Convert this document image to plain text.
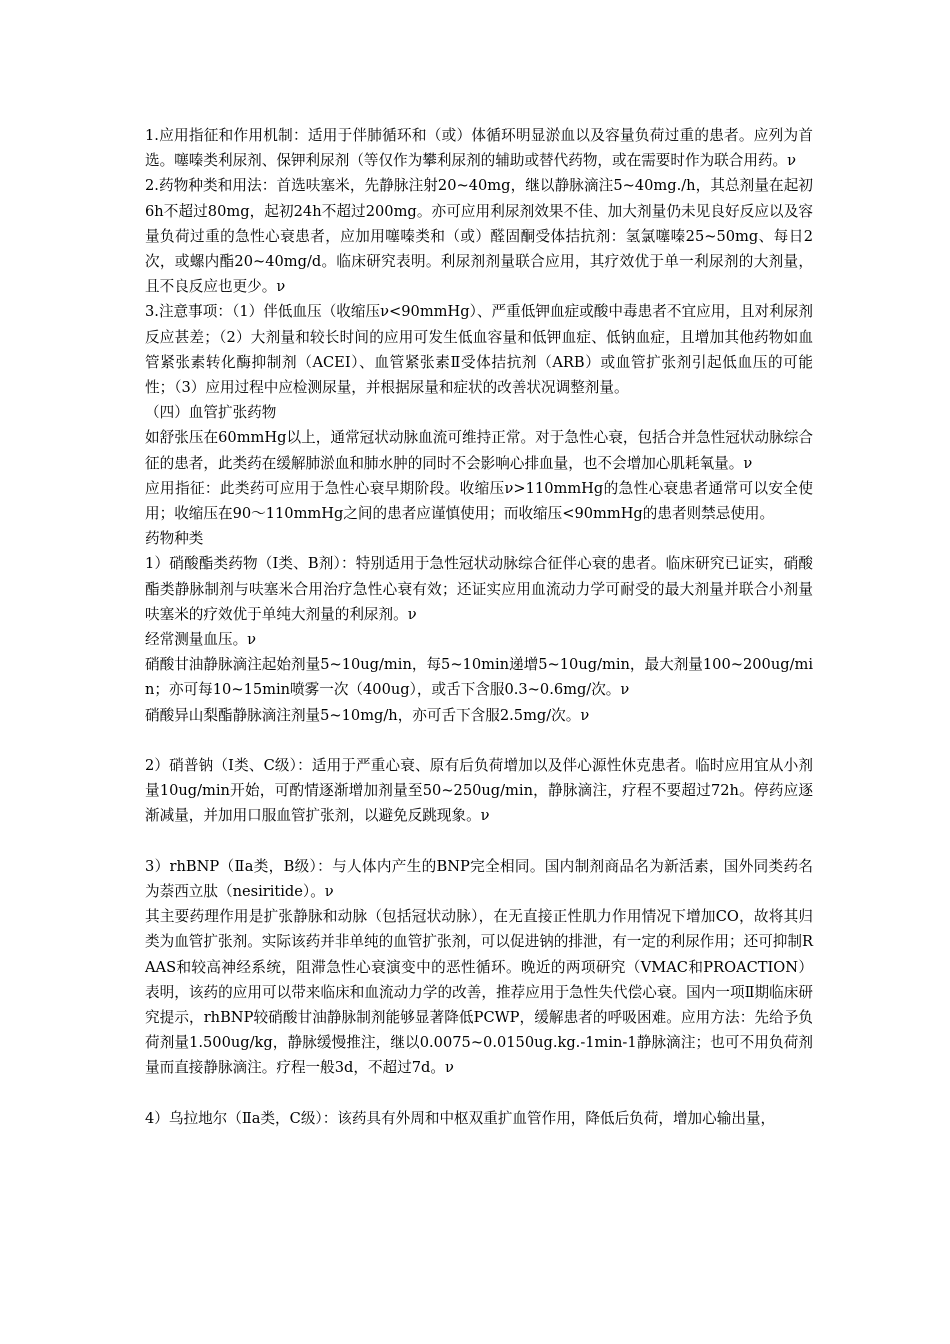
1.应用指征和作用机制：适用于伴肺循环和（或）体循环明显淤血以及容量负荷过重的患者。应列为首选。噻嗪类利尿剂、保钾利尿剂（等仅作为攀利尿剂的辅助或替代药物，或在需要时作为联合用药。ν

2.药物种类和用法：首选呋塞米，先静脉注射20~40mg，继以静脉滴注5~40mg./h，其总剂量在起初6h不超过80mg，起初24h不超过200mg。亦可应用利尿剂效果不佳、加大剂量仍未见良好反应以及容量负荷过重的急性心衰患者，应加用噻嗪类和（或）醛固酮受体拮抗剂：氢氯噻嗪25~50mg、每日2次，或螺内酯20~40mg/d。临床研究表明。利尿剂剂量联合应用，其疗效优于单一利尿剂的大剂量，且不良反应也更少。ν

3.注意事项：（1）伴低血压（收缩压ν<90mmHg）、严重低钾血症或酸中毒患者不宜应用，且对利尿剂反应甚差；（2）大剂量和较长时间的应用可发生低血容量和低钾血症、低钠血症，且增加其他药物如血管紧张素转化酶抑制剂（ACEI）、血管紧张素Ⅱ受体拮抗剂（ARB）或血管扩张剂引起低血压的可能性；（3）应用过程中应检测尿量，并根据尿量和症状的改善状况调整剂量。

（四）血管扩张药物

如舒张压在60mmHg以上，通常冠状动脉血流可维持正常。对于急性心衰，包括合并急性冠状动脉综合征的患者，此类药在缓解肺淤血和肺水肿的同时不会影响心排血量，也不会增加心肌耗氧量。ν

应用指征：此类药可应用于急性心衰早期阶段。收缩压ν>110mmHg的急性心衰患者通常可以安全使用；收缩压在90～110mmHg之间的患者应谨慎使用；而收缩压<90mmHg的患者则禁忌使用。

药物种类

1）硝酸酯类药物（Ⅰ类、B剂）：特别适用于急性冠状动脉综合征伴心衰的患者。临床研究已证实，硝酸酯类静脉制剂与呋塞米合用治疗急性心衰有效；还证实应用血流动力学可耐受的最大剂量并联合小剂量呋塞米的疗效优于单纯大剂量的利尿剂。ν

经常测量血压。ν

硝酸甘油静脉滴注起始剂量5~10ug/min，每5~10min递增5~10ug/min，最大剂量100~200ug/min；亦可每10~15min喷雾一次（400ug），或舌下含服0.3~0.6mg/次。ν

硝酸异山梨酯静脉滴注剂量5~10mg/h，亦可舌下含服2.5mg/次。ν

2）硝普钠（Ⅰ类、C级）：适用于严重心衰、原有后负荷增加以及伴心源性休克患者。临时应用宜从小剂量10ug/min开始，可酌情逐渐增加剂量至50~250ug/min，静脉滴注，疗程不要超过72h。停药应逐渐减量，并加用口服血管扩张剂，以避免反跳现象。ν

3）rhBNP（Ⅱa类，B级）：与人体内产生的BNP完全相同。国内制剂商品名为新活素，国外同类药名为萘西立肽（nesiritide）。ν

其主要药理作用是扩张静脉和动脉（包括冠状动脉），在无直接正性肌力作用情况下增加CO，故将其归类为血管扩张剂。实际该药并非单纯的血管扩张剂，可以促进钠的排泄，有一定的利尿作用；还可抑制RAAS和较高神经系统，阻滞急性心衰演变中的恶性循环。晚近的两项研究（VMAC和PROACTION）表明，该药的应用可以带来临床和血流动力学的改善，推荐应用于急性失代偿心衰。国内一项Ⅱ期临床研究提示，rhBNP较硝酸甘油静脉制剂能够显著降低PCWP，缓解患者的呼吸困难。应用方法：先给予负荷剂量1.500ug/kg，静脉缓慢推注，继以0.0075~0.0150ug.kg.-1min-1静脉滴注；也可不用负荷剂量而直接静脉滴注。疗程一般3d，不超过7d。ν

4）乌拉地尔（Ⅱa类，C级）：该药具有外周和中枢双重扩血管作用，降低后负荷，增加心输出量，
